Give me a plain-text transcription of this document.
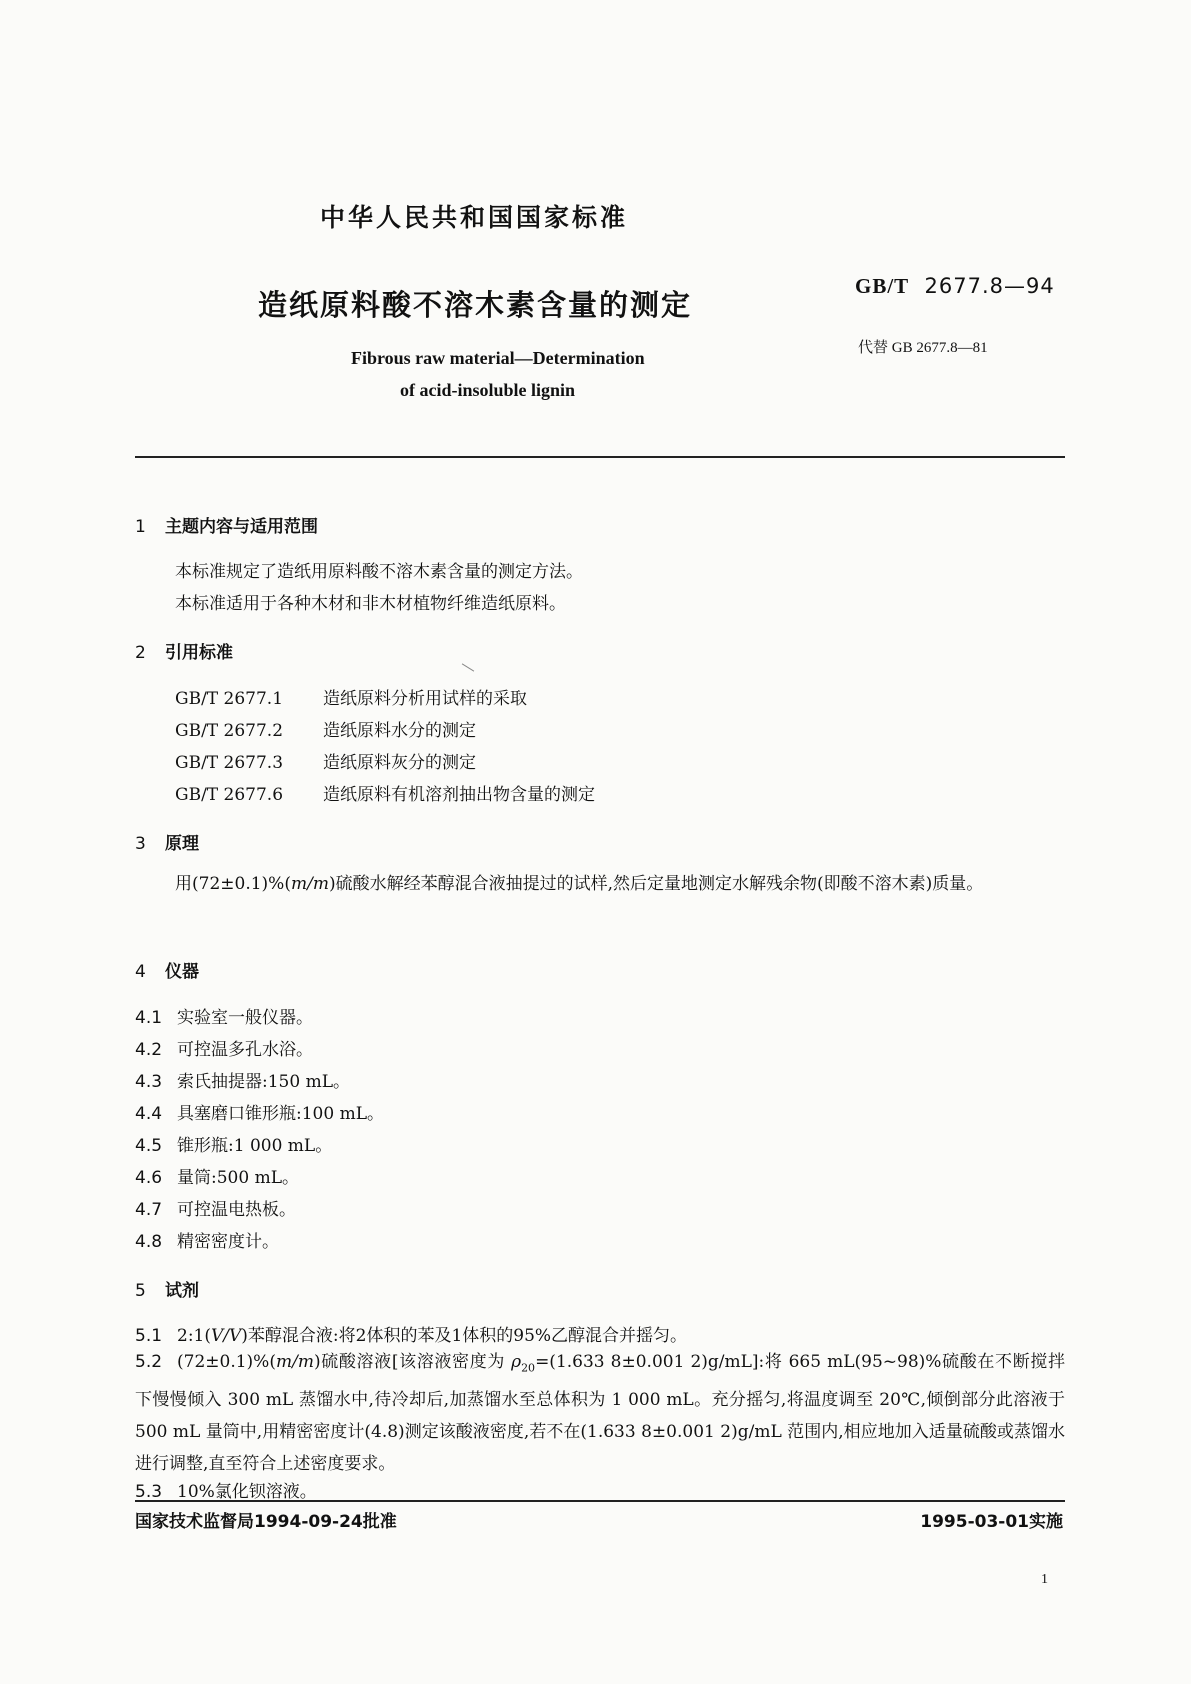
中华人民共和国国家标准
造纸原料酸不溶木素含量的测定
Fibrous raw material—Determination
of acid-insoluble lignin
GB/T 2677.8—94
代替 GB 2677.8—81
1 主题内容与适用范围
本标准规定了造纸用原料酸不溶木素含量的测定方法。
本标准适用于各种木材和非木材植物纤维造纸原料。
2 引用标准
GB/T 2677.1 造纸原料分析用试样的采取
GB/T 2677.2 造纸原料水分的测定
GB/T 2677.3 造纸原料灰分的测定
GB/T 2677.6 造纸原料有机溶剂抽出物含量的测定
3 原理
用(72±0.1)%(m/m)硫酸水解经苯醇混合液抽提过的试样,然后定量地测定水解残余物(即酸不溶木素)质量。
4 仪器
4.1 实验室一般仪器。
4.2 可控温多孔水浴。
4.3 索氏抽提器:150 mL。
4.4 具塞磨口锥形瓶:100 mL。
4.5 锥形瓶:1 000 mL。
4.6 量筒:500 mL。
4.7 可控温电热板。
4.8 精密密度计。
5 试剂
5.1 2:1(V/V)苯醇混合液:将2体积的苯及1体积的95%乙醇混合并摇匀。
5.2 (72±0.1)%(m/m)硫酸溶液[该溶液密度为 $\rho_{20}=(1.633$ 8±0.001 2)g/mL]:将 665 mL(95~98)%硫酸在不断搅拌下慢慢倾入 300 mL 蒸馏水中,待冷却后,加蒸馏水至总体积为 1 000 mL。充分摇匀,将温度调至 20℃,倾倒部分此溶液于 500 mL 量筒中,用精密密度计(4.8)测定该酸液密度,若不在(1.633 8±0.001 2)g/mL 范围内,相应地加入适量硫酸或蒸馏水进行调整,直至符合上述密度要求。
5.3 10%氯化钡溶液。
国家技术监督局1994-09-24批准	1995-03-01实施
1
